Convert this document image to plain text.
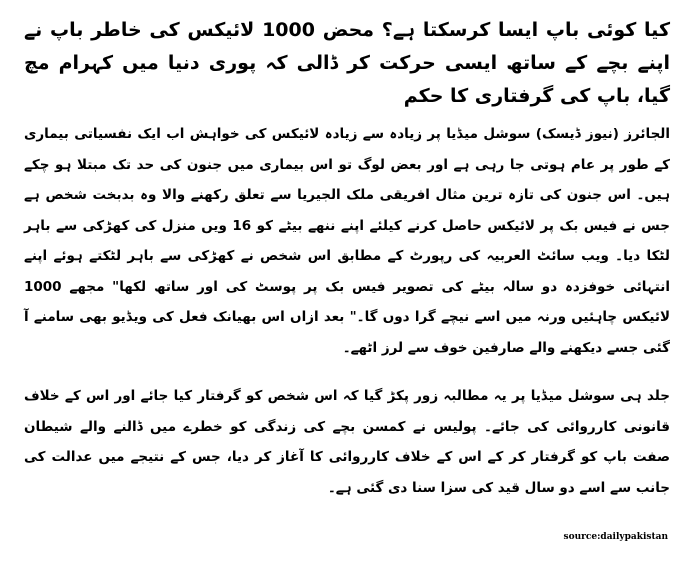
کیا کوئی باپ ایسا کرسکتا ہے؟ محض 1000 لائیکس کی خاطر باپ نے اپنے بچے کے ساتھ ایسی حرکت کر ڈالی کہ پوری دنیا میں کہرام مچ گیا، باپ کی گرفتاری کا حکم

الجائرز (نیوز ڈیسک) سوشل میڈیا پر زیادہ سے زیادہ لائیکس کی خواہش اب ایک نفسیاتی بیماری کے طور پر عام ہوتی جا رہی ہے اور بعض لوگ تو اس بیماری میں جنون کی حد تک مبتلا ہو چکے ہیں۔ اس جنون کی تازہ ترین مثال افریقی ملک الجیریا سے تعلق رکھنے والا وہ بدبخت شخص ہے جس نے فیس بک پر لائیکس حاصل کرنے کیلئے اپنے ننھے بیٹے کو 16 ویں منزل کی کھڑکی سے باہر لٹکا دیا۔ ویب سائٹ العربیہ کی رپورٹ کے مطابق اس شخص نے کھڑکی سے باہر لٹکتے ہوئے اپنے انتہائی خوفزدہ دو سالہ بیٹے کی تصویر فیس بک پر پوسٹ کی اور ساتھ لکھا" مجھے 1000 لائیکس چاہئیں ورنہ میں اسے نیچے گرا دوں گا۔" بعد ازاں اس بھیانک فعل کی ویڈیو بھی سامنے آ گئی جسے دیکھنے والے صارفین خوف سے لرز اٹھے۔

جلد ہی سوشل میڈیا پر یہ مطالبہ زور پکڑ گیا کہ اس شخص کو گرفتار کیا جائے اور اس کے خلاف قانونی کارروائی کی جائے۔ پولیس نے کمسن بچے کی زندگی کو خطرے میں ڈالنے والے شیطان صفت باپ کو گرفتار کر کے اس کے خلاف کارروائی کا آغاز کر دیا، جس کے نتیجے میں عدالت کی جانب سے اسے دو سال قید کی سزا سنا دی گئی ہے۔

source:dailypakistan
